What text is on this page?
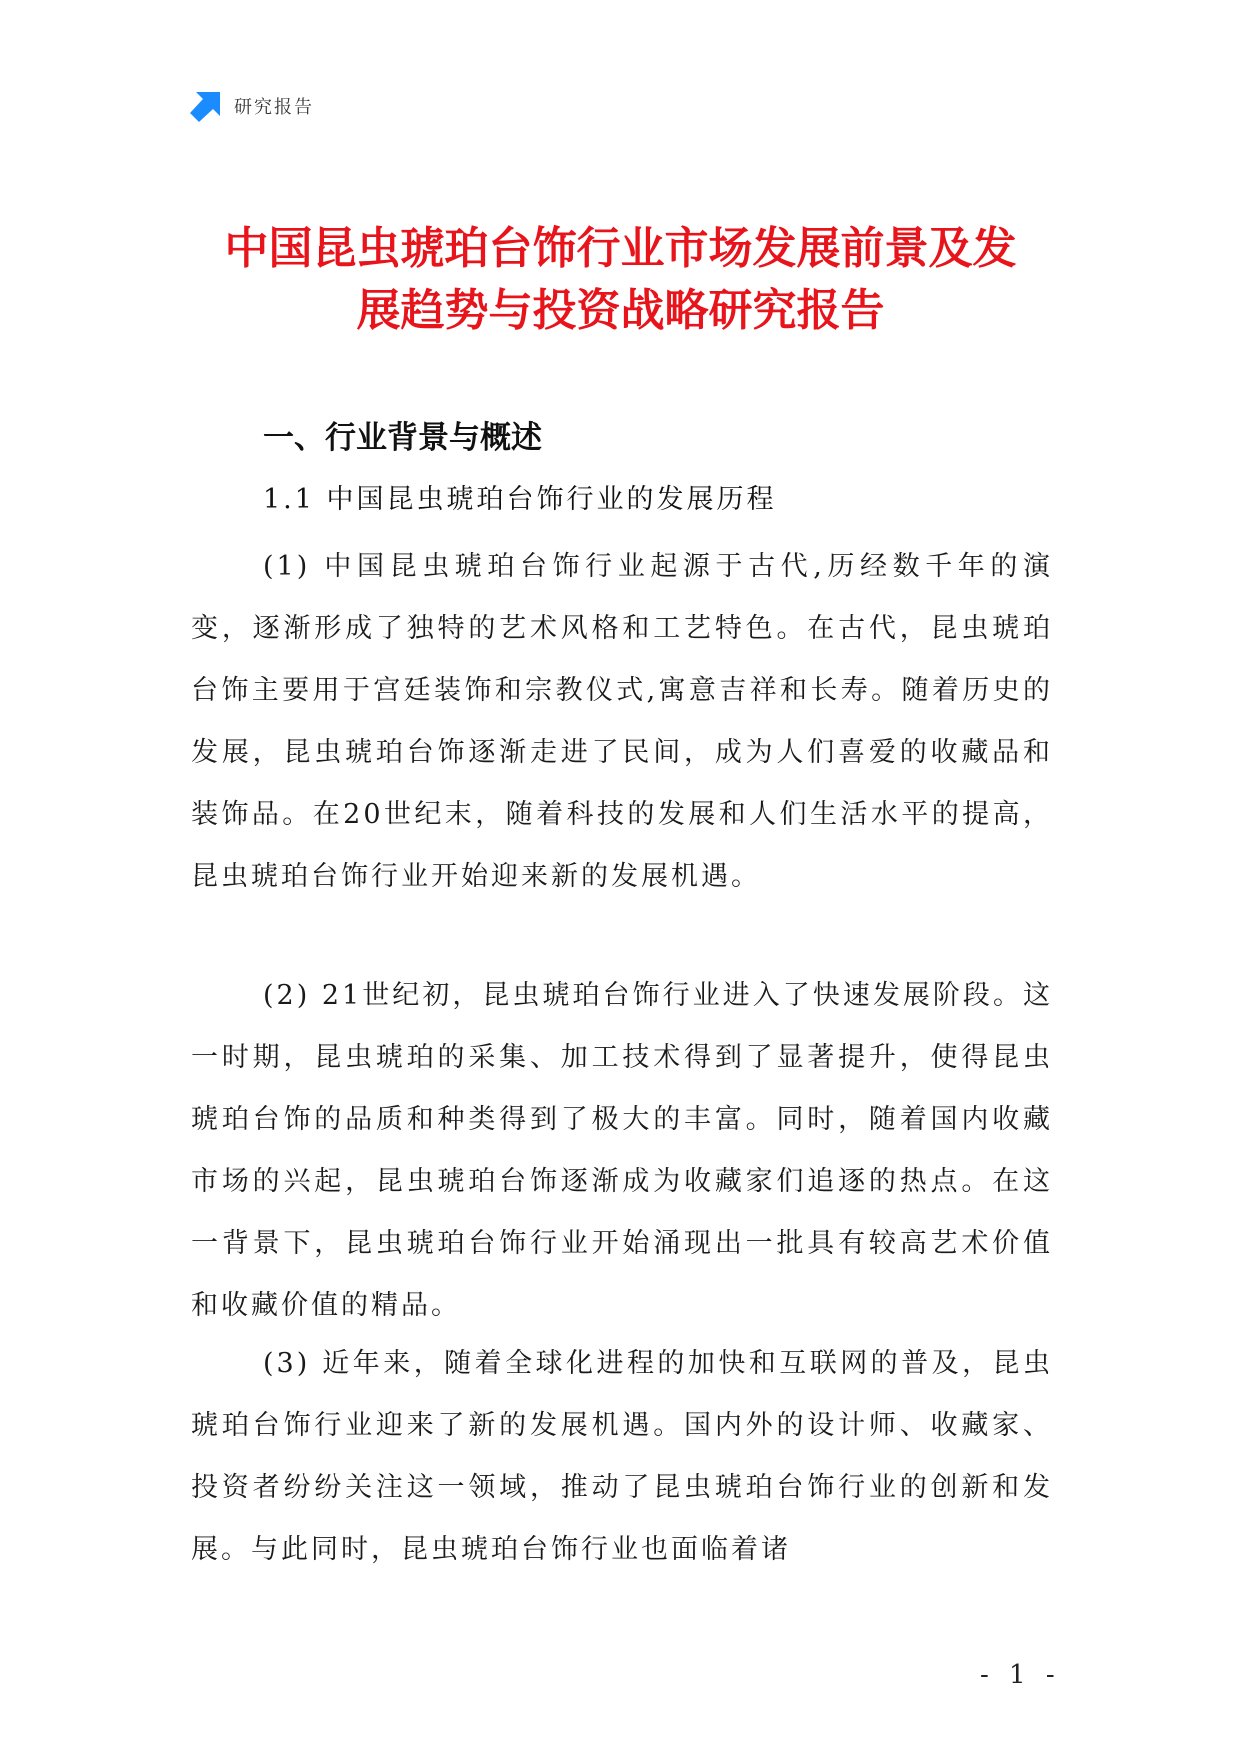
研究报告
中国昆虫琥珀台饰行业市场发展前景及发
展趋势与投资战略研究报告
一、行业背景与概述
1.1 中国昆虫琥珀台饰行业的发展历程

(1) 中国昆虫琥珀台饰行业起源于古代,历经数千年的演变，逐渐形成了独特的艺术风格和工艺特色。在古代，昆虫琥珀台饰主要用于宫廷装饰和宗教仪式,寓意吉祥和长寿。随着历史的发展，昆虫琥珀台饰逐渐走进了民间，成为人们喜爱的收藏品和装饰品。在20世纪末，随着科技的发展和人们生活水平的提高，昆虫琥珀台饰行业开始迎来新的发展机遇。

(2) 21世纪初，昆虫琥珀台饰行业进入了快速发展阶段。这一时期，昆虫琥珀的采集、加工技术得到了显著提升，使得昆虫琥珀台饰的品质和种类得到了极大的丰富。同时，随着国内收藏市场的兴起，昆虫琥珀台饰逐渐成为收藏家们追逐的热点。在这一背景下，昆虫琥珀台饰行业开始涌现出一批具有较高艺术价值和收藏价值的精品。

(3) 近年来，随着全球化进程的加快和互联网的普及，昆虫琥珀台饰行业迎来了新的发展机遇。国内外的设计师、收藏家、投资者纷纷关注这一领域，推动了昆虫琥珀台饰行业的创新和发展。与此同时，昆虫琥珀台饰行业也面临着诸

- 1 -
